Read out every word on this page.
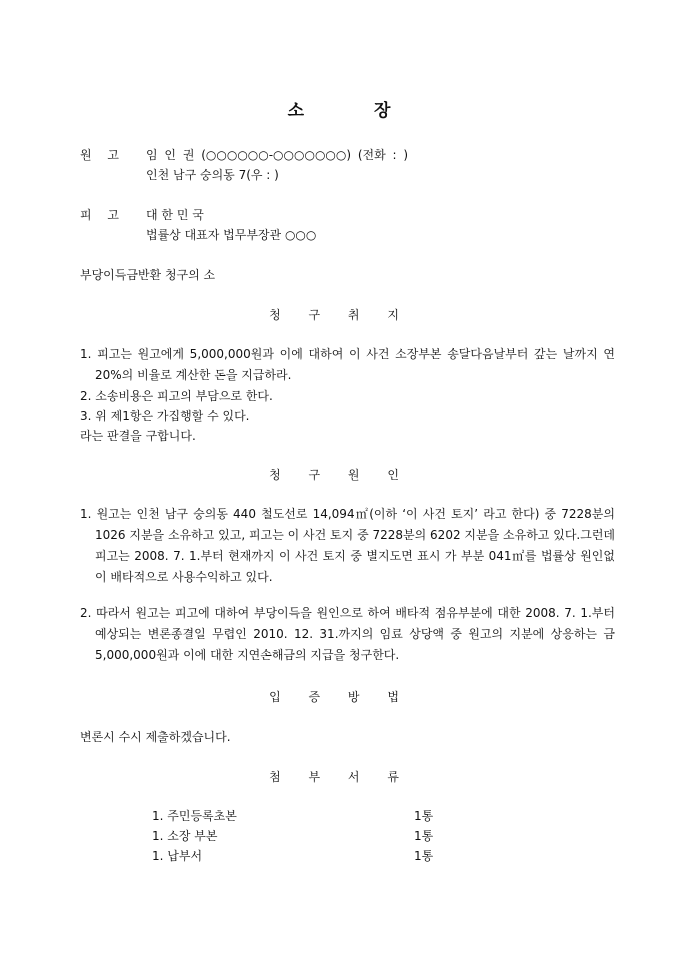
소	장
원 고 임 인 권 (○○○○○○-○○○○○○○) (전화 : )
인천 남구 숭의동 7(우 : )
피 고 대 한 민 국
법률상 대표자 법무부장관 ○○○
부당이득금반환 청구의 소
청 구 취 지
1. 피고는 원고에게 5,000,000원과 이에 대하여 이 사건 소장부본 송달다음날부터 갚는 날까지 연 20%의 비율로 계산한 돈을 지급하라.
2. 소송비용은 피고의 부담으로 한다.
3. 위 제1항은 가집행할 수 있다.
라는 판결을 구합니다.
청 구 원 인
1. 원고는 인천 남구 숭의동 440 철도선로 14,094㎡(이하 ‘이 사건 토지’ 라고 한다) 중 7228분의 1026 지분을 소유하고 있고, 피고는 이 사건 토지 중 7228분의 6202 지분을 소유하고 있다.그런데 피고는 2008. 7. 1.부터 현재까지 이 사건 토지 중 별지도면 표시 가 부분 041㎡를 법률상 원인없이 배타적으로 사용수익하고 있다.
2. 따라서 원고는 피고에 대하여 부당이득을 원인으로 하여 배타적 점유부분에 대한 2008. 7. 1.부터 예상되는 변론종결일 무렵인 2010. 12. 31.까지의 임료 상당액 중 원고의 지분에 상응하는 금 5,000,000원과 이에 대한 지연손해금의 지급을 청구한다.
입 증 방 법
변론시 수시 제출하겠습니다.
첨 부 서 류
1. 주민등록초본	1통
1. 소장 부본	1통
1. 납부서	1통
